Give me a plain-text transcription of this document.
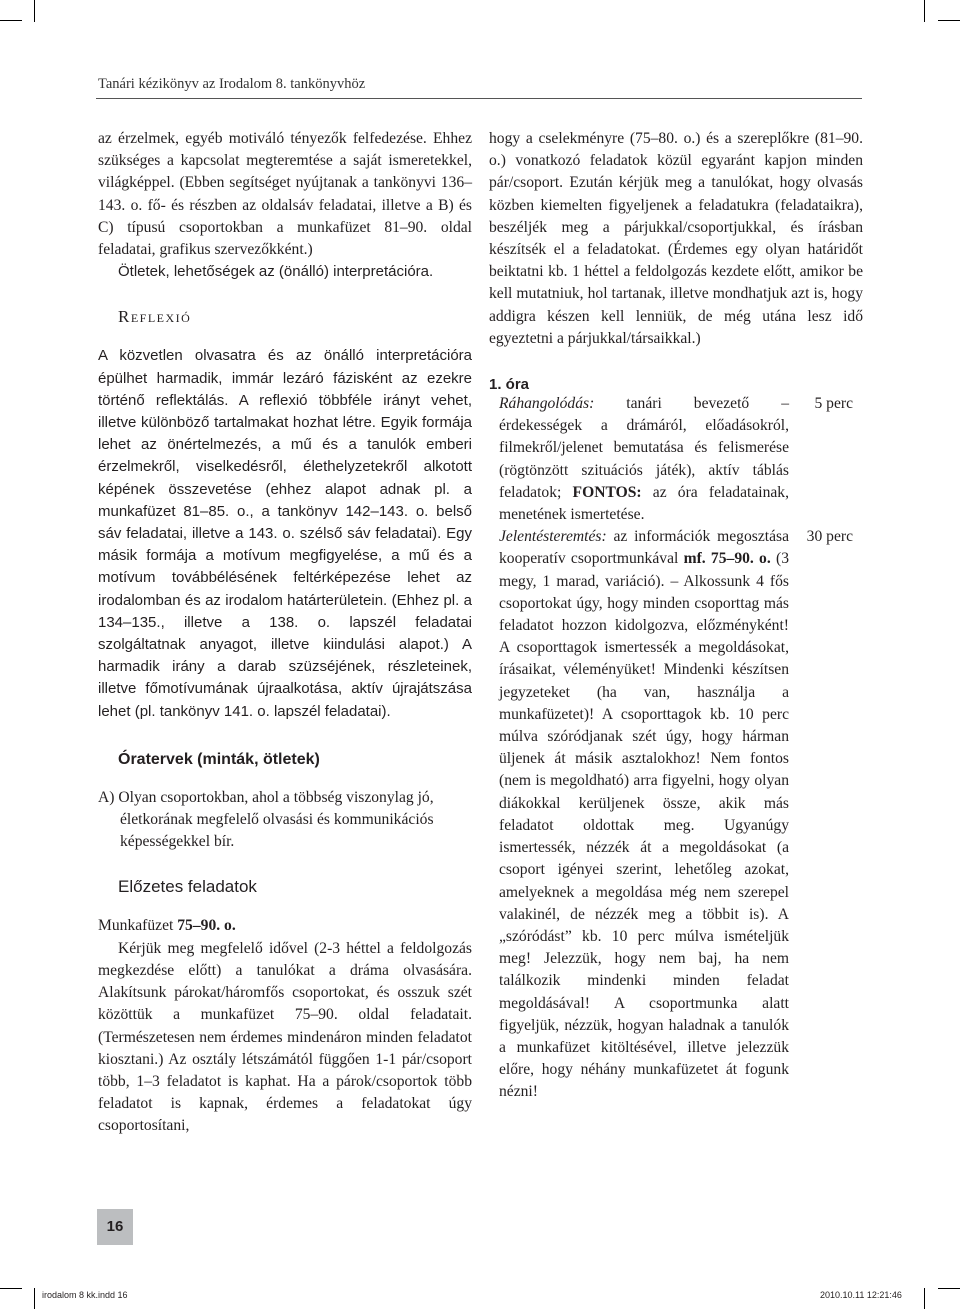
Tanári kézikönyv az Irodalom 8. tankönyvhöz

az érzelmek, egyéb motiváló tényezők felfedezése. Ehhez szükséges a kapcsolat megteremtése a saját ismeretekkel, világképpel. (Ebben segítséget nyújtanak a tankönyvi 136–143. o. fő- és részben az oldalsáv feladatai, illetve a B) és C) típusú csoportokban a munkafüzet 81–90. oldal feladatai, grafikus szervezőkként.)

Ötletek, lehetőségek az (önálló) interpretációra.

Reflexió

A közvetlen olvasatra és az önálló interpretációra épülhet harmadik, immár lezáró fázisként az ezekre történő reflektálás. A reflexió többféle irányt vehet, illetve különböző tartalmakat hozhat létre. Egyik formája lehet az önértelmezés, a mű és a tanulók emberi érzelmekről, viselkedésről, élethelyzetekről alkotott képének összevetése (ehhez alapot adnak pl. a munkafüzet 81–85. o., a tankönyv 142–143. o. belső sáv feladatai, illetve a 143. o. szélső sáv feladatai). Egy másik formája a motívum megfigyelése, a mű és a motívum továbbélésének feltérképezése lehet az irodalomban és az irodalom határterületein. (Ehhez pl. a 134–135., illetve a 138. o. lapszél feladatai szolgáltatnak anyagot, illetve kiindulási alapot.) A harmadik irány a darab szüzséjének, részleteinek, illetve főmotívumának újraalkotása, aktív újrajátszása lehet (pl. tankönyv 141. o. lapszél feladatai).

Óratervek (minták, ötletek)

A) Olyan csoportokban, ahol a többség viszonylag jó, életkorának megfelelő olvasási és kommunikációs képességekkel bír.

Előzetes feladatok

Munkafüzet 75–90. o.

Kérjük meg megfelelő idővel (2-3 héttel a feldolgozás megkezdése előtt) a tanulókat a dráma olvasására. Alakítsunk párokat/háromfős csoportokat, és osszuk szét közöttük a munkafüzet 75–90. oldal feladatait. (Természetesen nem érdemes mindenáron minden feladatot kiosztani.) Az osztály létszámától függően 1-1 pár/csoport több, 1–3 feladatot is kaphat. Ha a párok/csoportok több feladatot is kapnak, érdemes a feladatokat úgy csoportosítani,

hogy a cselekményre (75–80. o.) és a szereplőkre (81–90. o.) vonatkozó feladatok közül egyaránt kapjon minden pár/csoport. Ezután kérjük meg a tanulókat, hogy olvasás közben kiemelten figyeljenek a feladatukra (feladataikra), beszéljék meg a párjukkal/csoportjukkal, és írásban készítsék el a feladatokat. (Érdemes egy olyan határidőt beiktatni kb. 1 héttel a feldolgozás kezdete előtt, amikor be kell mutatniuk, hol tartanak, illetve mondhatjuk azt is, hogy addigra készen kell lenniük, de még utána lesz idő egyeztetni a párjukkal/társaikkal.)

1. óra

Ráhangolódás: tanári bevezető – érdekességek a drámáról, előadásokról, filmekről/jelenet bemutatása és felismerése (rögtönzött szituációs játék), aktív táblás feladatok; FONTOS: az óra feladatainak, menetének ismertetése.

5 perc

Jelentésteremtés: az információk megosztása kooperatív csoportmunkával mf. 75–90. o. (3 megy, 1 marad, variáció). – Alkossunk 4 fős csoportokat úgy, hogy minden csoporttag más feladatot hozzon kidolgozva, előzményként! A csoporttagok ismertessék a megoldásokat, írásaikat, véleményüket! Mindenki készítsen jegyzeteket (ha van, használja a munkafüzetet)! A csoporttagok kb. 10 perc múlva szóródjanak szét úgy, hogy hárman üljenek át másik asztalokhoz! Nem fontos (nem is megoldható) arra figyelni, hogy olyan diákokkal kerüljenek össze, akik más feladatot oldottak meg. Ugyanúgy ismertessék, nézzék át a megoldásokat (a csoport igényei szerint, lehetőleg azokat, amelyeknek a megoldása még nem szerepel valakinél, de nézzék meg a többit is). A „szóródást” kb. 10 perc múlva ismételjük meg! Jelezzük, hogy nem baj, ha nem találkozik mindenki minden feladat megoldásával! A csoportmunka alatt figyeljük, nézzük, hogyan haladnak a tanulók a munkafüzet kitöltésével, illetve jelezzük előre, hogy néhány munkafüzetet át fogunk nézni!

30 perc
16
irodalom 8 kk.indd 16	2010.10.11 12:21:46
